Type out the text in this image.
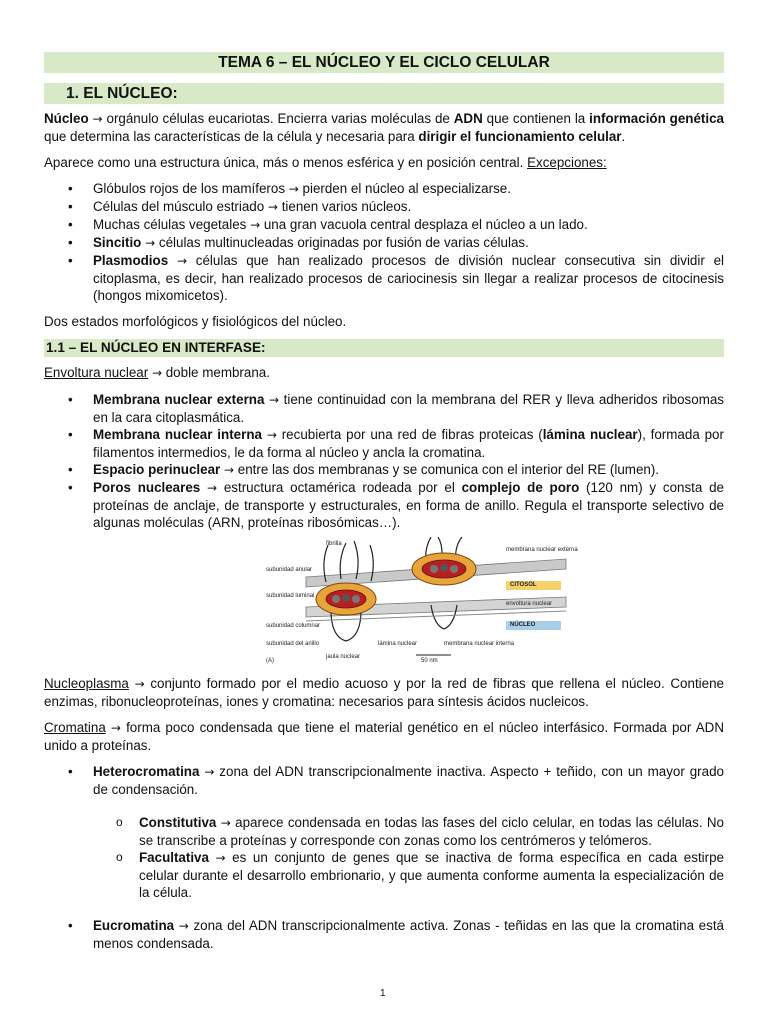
TEMA 6 – EL NÚCLEO Y EL CICLO CELULAR
1. EL NÚCLEO:

Núcleo → orgánulo células eucariotas. Encierra varias moléculas de ADN que contienen la información genética que determina las características de la célula y necesaria para dirigir el funcionamiento celular.

Aparece como una estructura única, más o menos esférica y en posición central. Excepciones:

• Glóbulos rojos de los mamíferos → pierden el núcleo al especializarse.
• Células del músculo estriado → tienen varios núcleos.
• Muchas células vegetales → una gran vacuola central desplaza el núcleo a un lado.
• Sincitio → células multinucleadas originadas por fusión de varias células.
• Plasmodios → células que han realizado procesos de división nuclear consecutiva sin dividir el citoplasma, es decir, han realizado procesos de cariocinesis sin llegar a realizar procesos de citocinesis (hongos mixomicetos).

Dos estados morfológicos y fisiológicos del núcleo.

1.1 – EL NÚCLEO EN INTERFASE:

Envoltura nuclear → doble membrana.

• Membrana nuclear externa → tiene continuidad con la membrana del RER y lleva adheridos ribosomas en la cara citoplasmática.
• Membrana nuclear interna → recubierta por una red de fibras proteicas (lámina nuclear), formada por filamentos intermedios, le da forma al núcleo y ancla la cromatina.
• Espacio perinuclear → entre las dos membranas y se comunica con el interior del RE (lumen).
• Poros nucleares → estructura octamérica rodeada por el complejo de poro (120 nm) y consta de proteínas de anclaje, de transporte y estructurales, en forma de anillo. Regula el transporte selectivo de algunas moléculas (ARN, proteínas ribosómicas…).
fibrilla
subunidad anular
subunidad luminal
subunidad columnar
subunidad del anillo
(A)
jaula nuclear
lámina nuclear	membrana nuclear interna
50 nm
membrana nuclear externa
CITOSOL
envoltura nuclear
NÚCLEO

Nucleoplasma → conjunto formado por el medio acuoso y por la red de fibras que rellena el núcleo. Contiene enzimas, ribonucleoproteínas, iones y cromatina: necesarios para síntesis ácidos nucleicos.

Cromatina → forma poco condensada que tiene el material genético en el núcleo interfásico. Formada por ADN unido a proteínas.

• Heterocromatina → zona del ADN transcripcionalmente inactiva. Aspecto + teñido, con un mayor grado de condensación.
o Constitutiva → aparece condensada en todas las fases del ciclo celular, en todas las células. No se transcribe a proteínas y corresponde con zonas como los centrómeros y telómeros.
o Facultativa → es un conjunto de genes que se inactiva de forma específica en cada estirpe celular durante el desarrollo embrionario, y que aumenta conforme aumenta la especialización de la célula.
• Eucromatina → zona del ADN transcripcionalmente activa. Zonas - teñidas en las que la cromatina está menos condensada.
1
